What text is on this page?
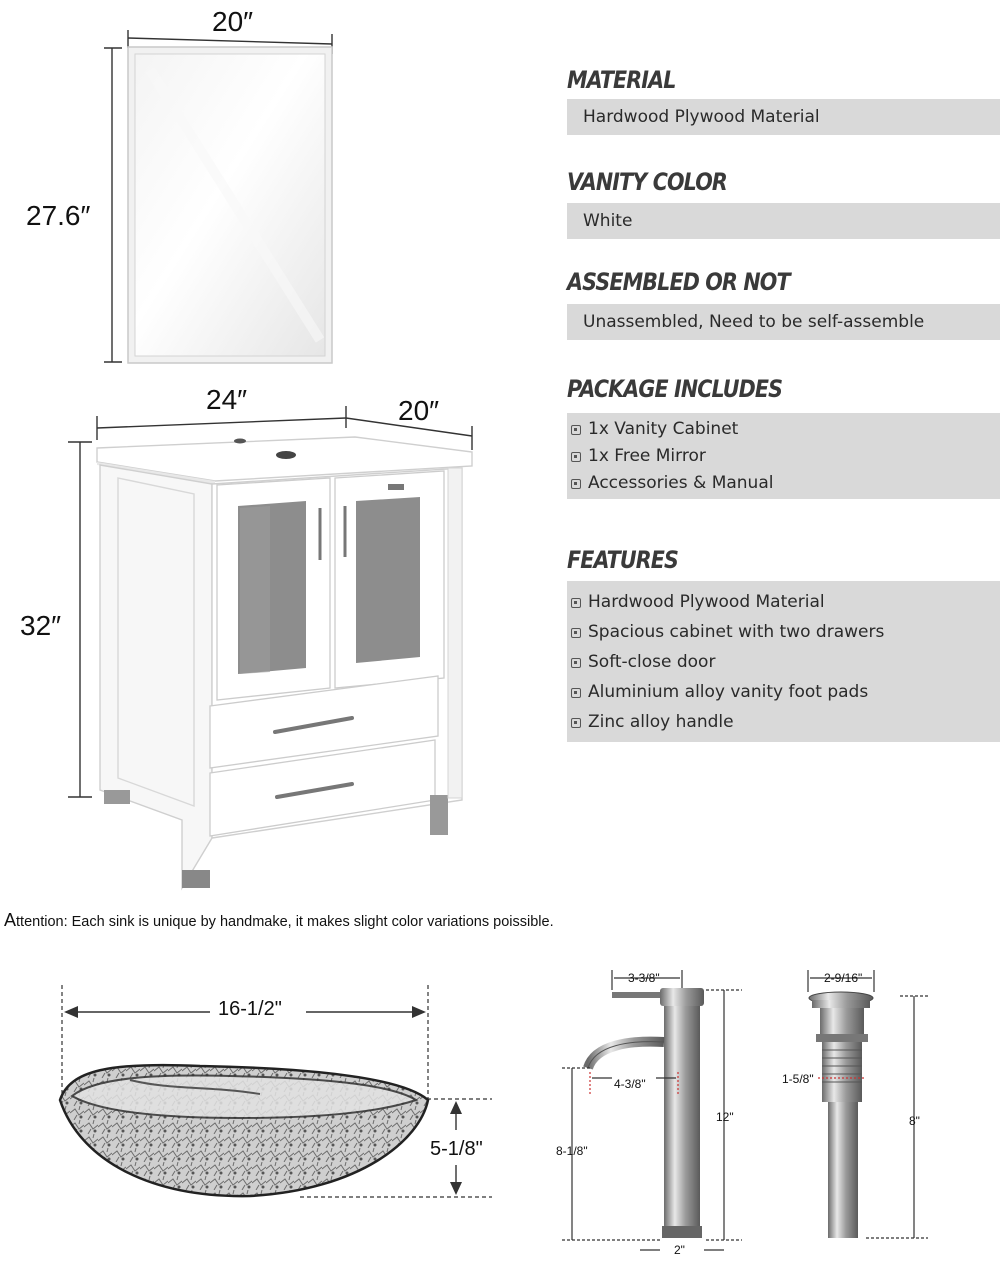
20″
27.6″
24″	20″
32″
MATERIAL
Hardwood Plywood Material
VANITY COLOR
White
ASSEMBLED OR NOT
Unassembled, Need to be self-assemble
PACKAGE INCLUDES
1x Vanity Cabinet
1x Free Mirror
Accessories & Manual
FEATURES
Hardwood Plywood Material
Spacious cabinet with two drawers
Soft-close door
Aluminium alloy vanity foot pads
Zinc alloy handle
Attention: Each sink is unique by handmake, it makes slight color variations poissible.
16-1/2"
5-1/8"
3-3/8"
4-3/8"
12"
8-1/8"
2"
2-9/16"
1-5/8"
8"
